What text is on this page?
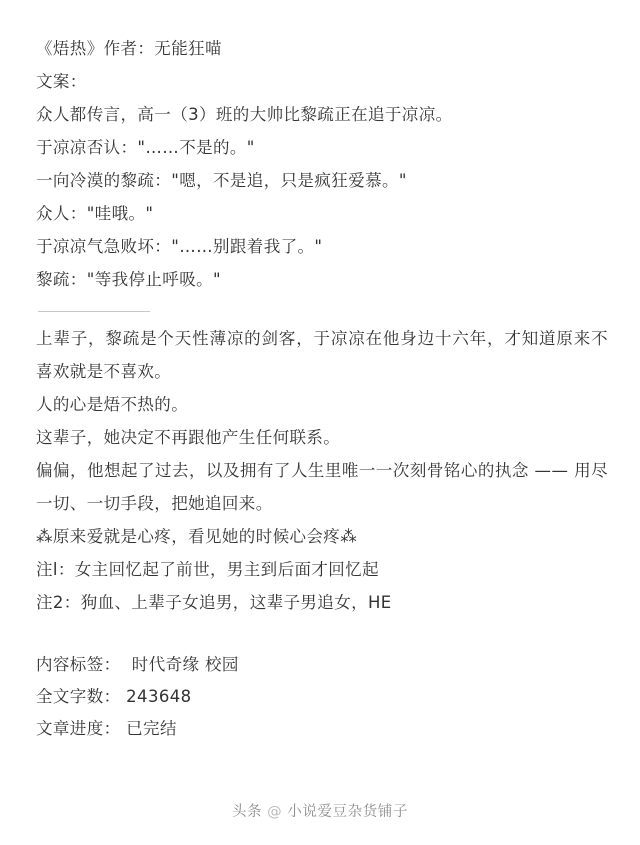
《焐热》作者：无能狂喵
文案：
众人都传言，高一（3）班的大帅比黎疏正在追于凉凉。
于凉凉否认："……不是的。"
一向冷漠的黎疏："嗯，不是追，只是疯狂爱慕。"
众人："哇哦。"
于凉凉气急败坏："……别跟着我了。"
黎疏："等我停止呼吸。"
上辈子，黎疏是个天性薄凉的剑客，于凉凉在他身边十六年，才知道原来不喜欢就是不喜欢。
人的心是焐不热的。
这辈子，她决定不再跟他产生任何联系。
偏偏，他想起了过去，以及拥有了人生里唯一一次刻骨铭心的执念 —— 用尽一切、一切手段，把她追回来。
⁂原来爱就是心疼，看见她的时候心会疼⁂
注l：女主回忆起了前世，男主到后面才回忆起
注2：狗血、上辈子女追男，这辈子男追女，HE
内容标签：  时代奇缘 校园
全文字数： 243648
文章进度： 已完结
头条 @ 小说爱豆杂货铺子
